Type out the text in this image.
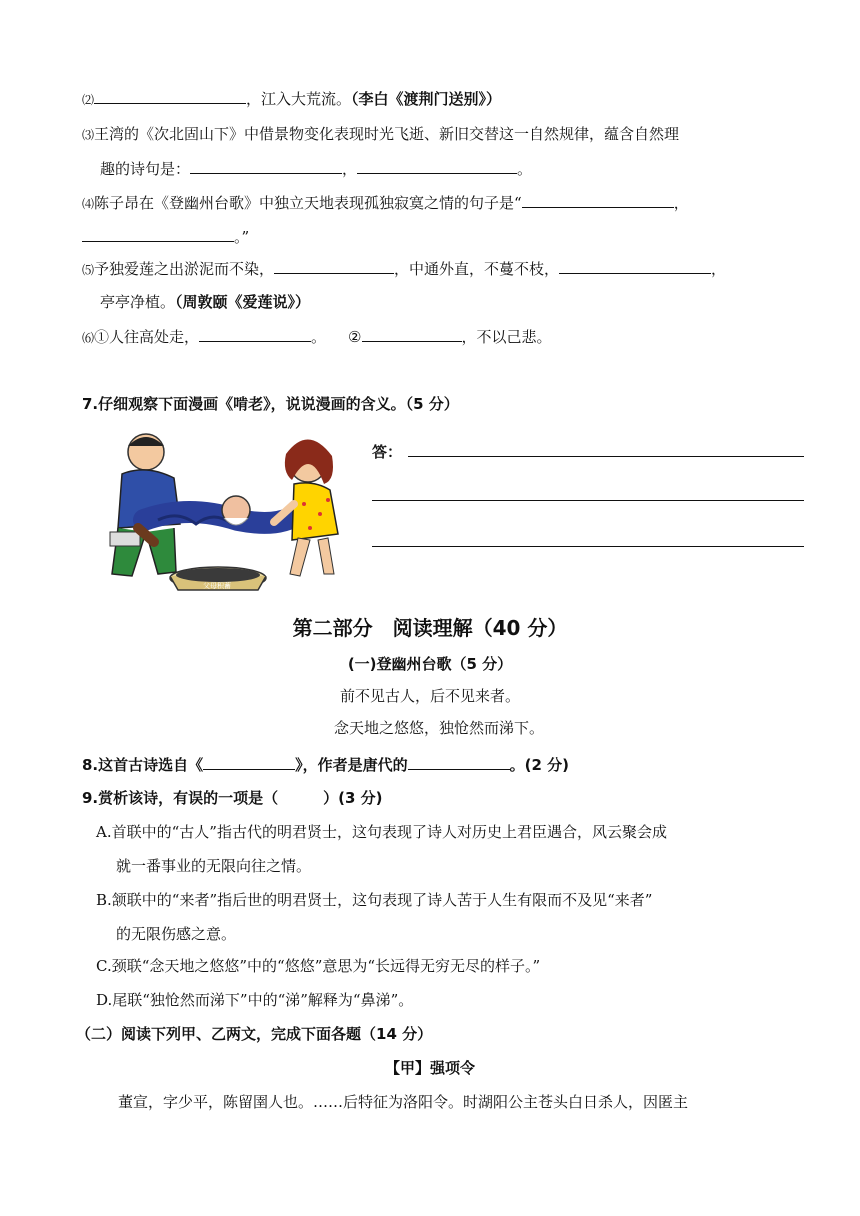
⑵	，江入大荒流。（李白《渡荆门送别》）
⑶王湾的《次北固山下》中借景物变化表现时光飞逝、新旧交替这一自然规律，蕴含自然理
趣的诗句是：	，	。
⑷陈子昂在《登幽州台歌》中独立天地表现孤独寂寞之情的句子是“	，
。”
⑸予独爱莲之出淤泥而不染，	，中通外直，不蔓不枝，	，
亭亭净植。（周敦颐《爱莲说》）
⑹①人往高处走，	。 ②	，不以己悲。
7.仔细观察下面漫画《啃老》，说说漫画的含义。（5 分）
父母积蓄
答：
第二部分　阅读理解（40 分）
(一)登幽州台歌（5 分）
前不见古人，后不见来者。
念天地之悠悠，独怆然而涕下。
8.这首古诗选自《	》，作者是唐代的	。(2 分)
9.赏析该诗，有误的一项是（　　　）(3 分)
A.首联中的“古人”指古代的明君贤士，这句表现了诗人对历史上君臣遇合，风云聚会成
就一番事业的无限向往之情。
B.颔联中的“来者”指后世的明君贤士，这句表现了诗人苦于人生有限而不及见“来者”
的无限伤感之意。
C.颈联“念天地之悠悠”中的“悠悠”意思为“长远得无穷无尽的样子。”
D.尾联“独怆然而涕下”中的“涕”解释为“鼻涕”。
（二）阅读下列甲、乙两文，完成下面各题（14 分）
【甲】强项令
董宣，字少平，陈留圉人也。……后特征为洛阳令。时湖阳公主苍头白日杀人，因匿主
